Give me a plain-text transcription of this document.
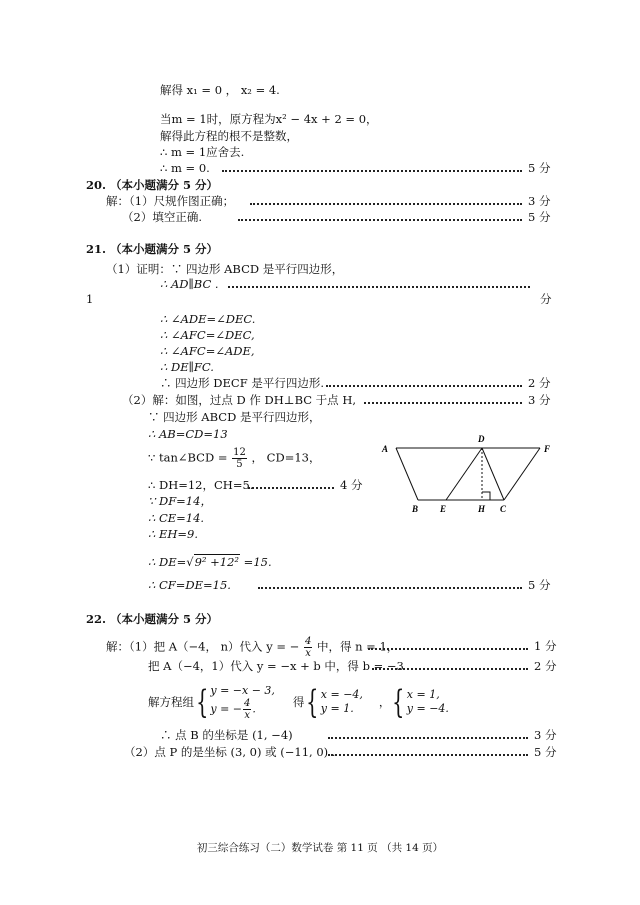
解得 x₁ = 0 ， x₂ = 4.
当m = 1时，原方程为x² − 4x + 2 = 0，
解得此方程的根不是整数，
∴ m = 1应舍去.
∴ m = 0.	5 分
20. （本小题满分 5 分）
解：（1）尺规作图正确；	3 分
（2）填空正确.	5 分
21. （本小题满分 5 分）
（1）证明：∵ 四边形 ABCD 是平行四边形，
∴ AD∥BC .
1	分
∴ ∠ADE=∠DEC.
∴ ∠AFC=∠DEC,
∴ ∠AFC=∠ADE,
∴ DE∥FC.
∴ 四边形 DECF 是平行四边形.	2 分
（2）解：如图，过点 D 作 DH⊥BC 于点 H,	3 分
∵ 四边形 ABCD 是平行四边形，
∴ AB=CD=13
∵ tan∠BCD = $\frac{12}{5}$ ， CD=13，
∴ DH=12，CH=5.	4 分
∵ DF=14，
∴ CE=14.
∴ EH=9.
∴ DE=√9² +12² =15.
∴ CF=DE=15.	5 分
A
D
F
B E	H C
22. （本小题满分 5 分）
解：（1）把 A（−4， n）代入 y = − $\frac{4}{x}$ 中，得 n = 1，	1 分
把 A（−4，1）代入 y = −x + b 中，得 b = −3	2 分
解方程组 { y = −x − 3,
y = − $\frac{4}{x}$ .	得 { x = −4,
y = 1.	， { x = 1,
y = −4.
∴ 点 B 的坐标是 (1, −4)	3 分
（2）点 P 的是坐标 (3, 0) 或 (−11, 0) .	5 分
初三综合练习（二）数学试卷 第 11 页 （共 14 页）
